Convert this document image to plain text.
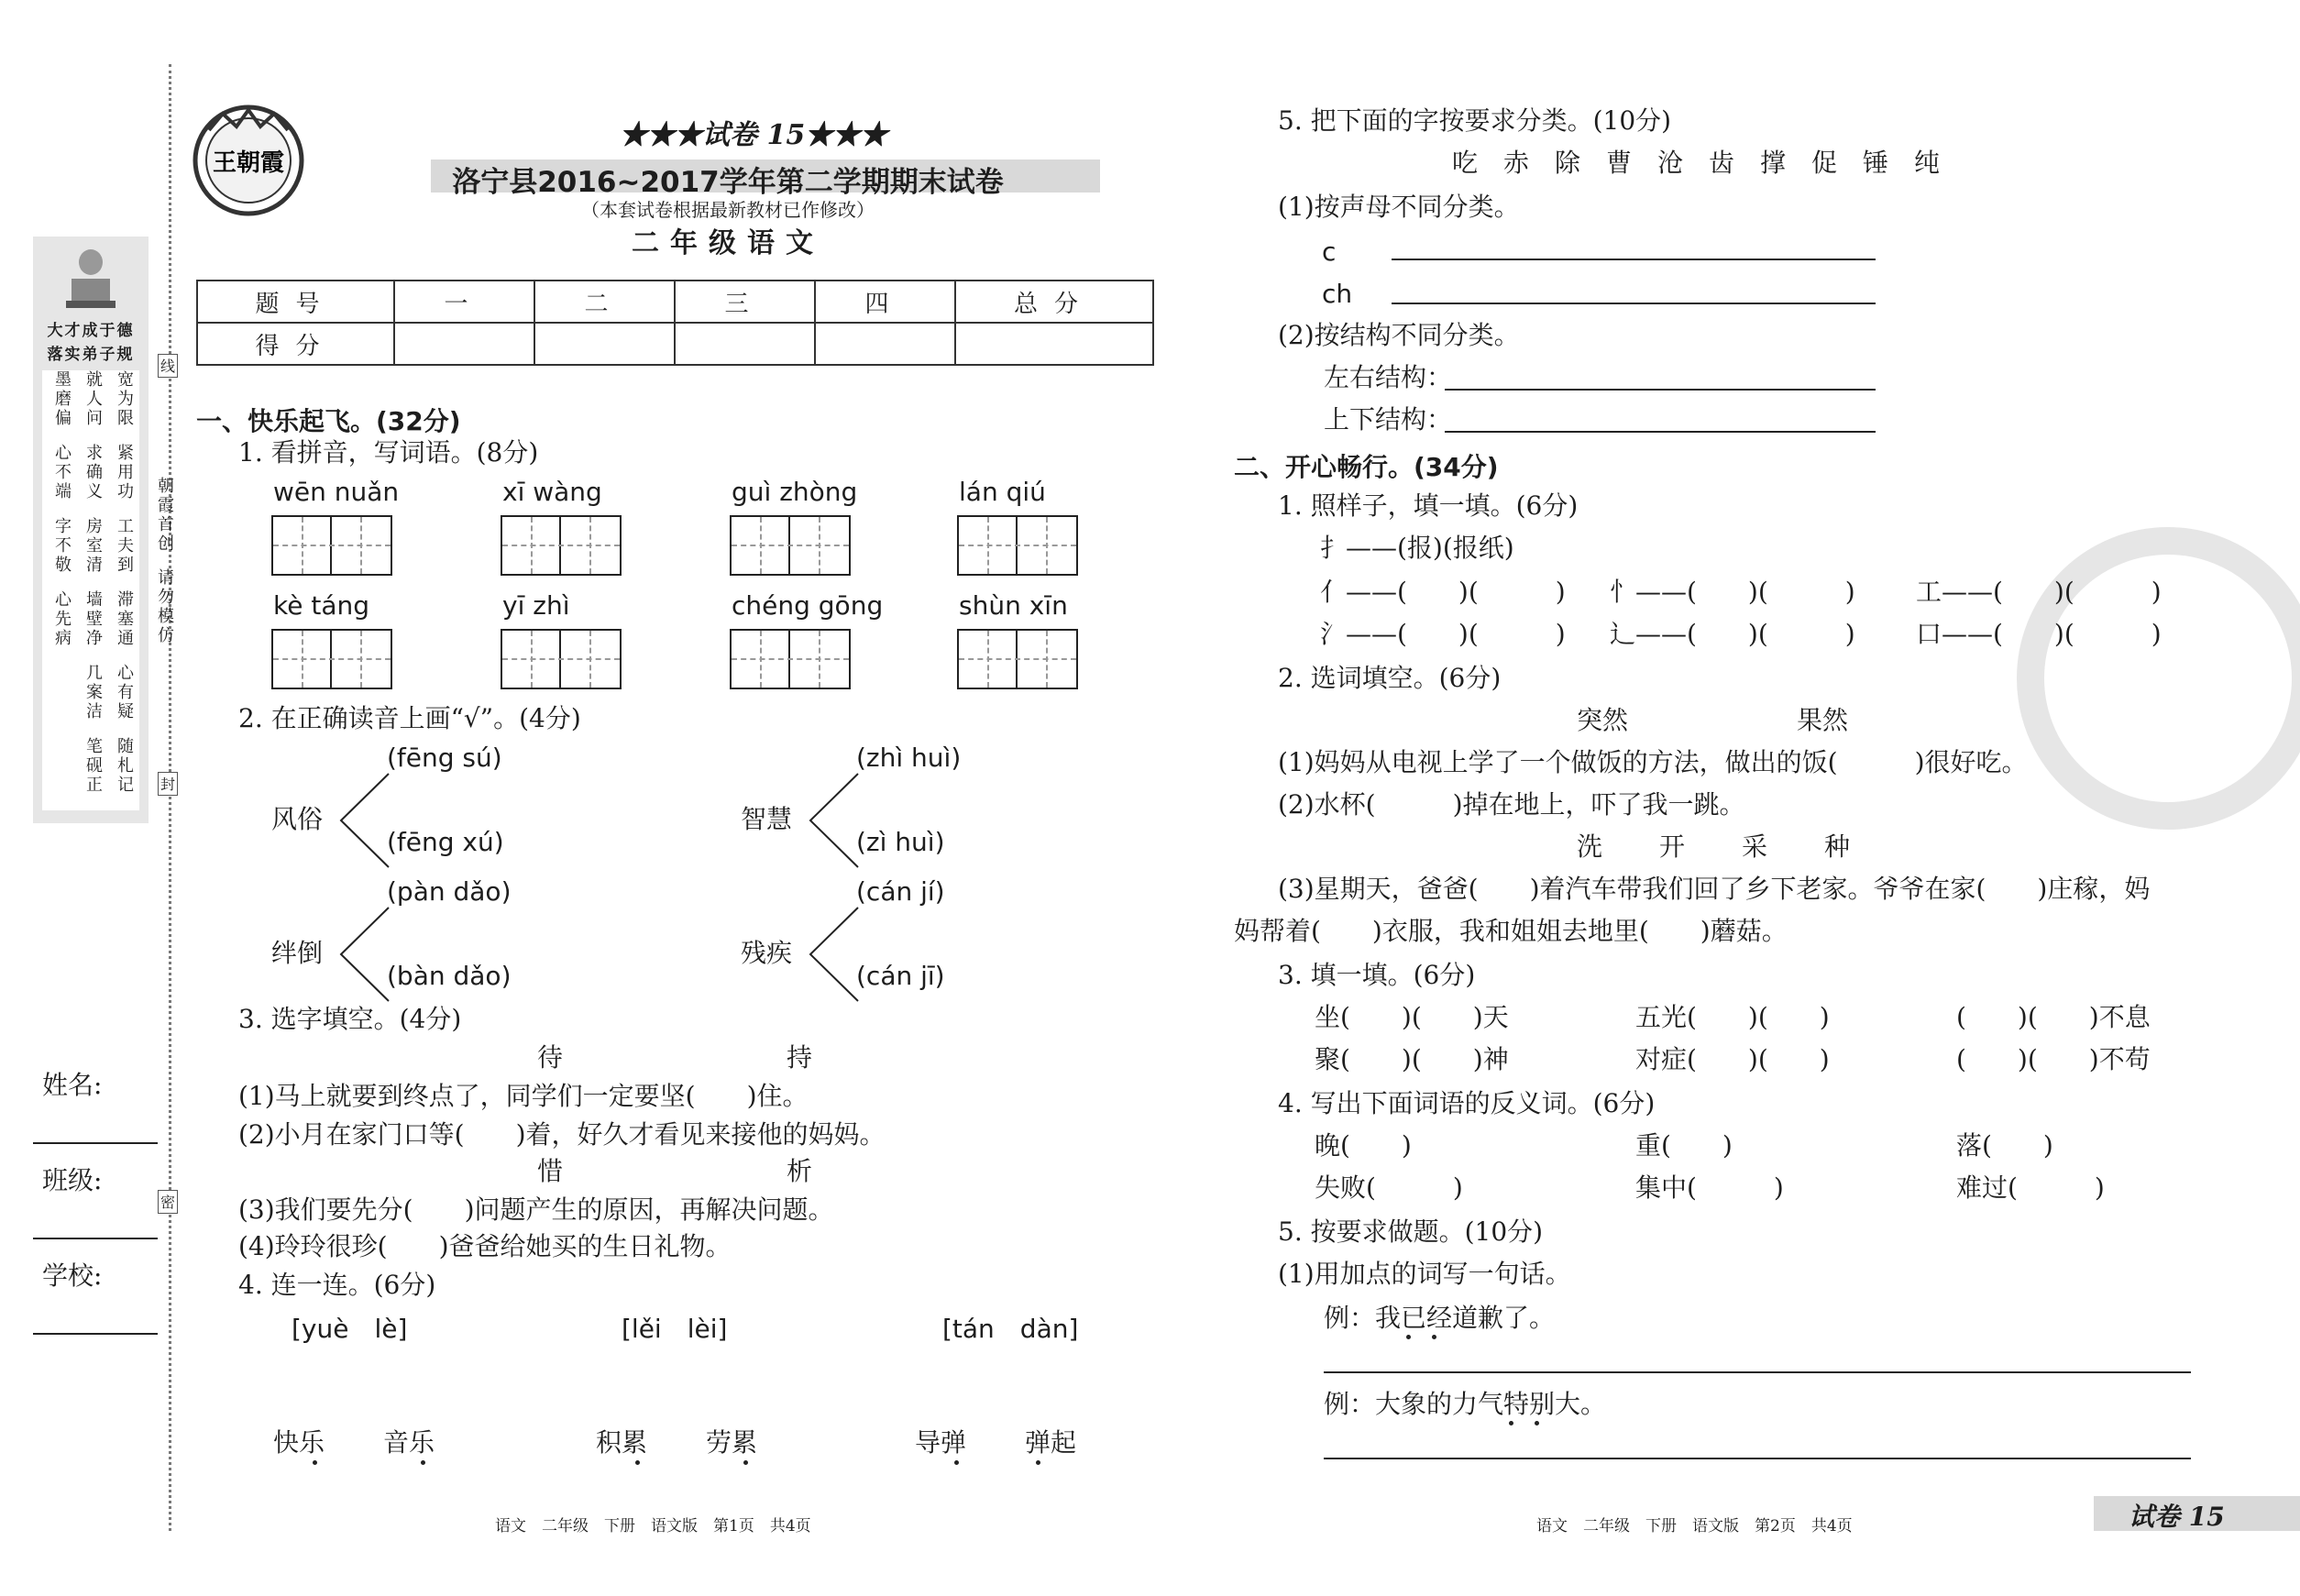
大才成于德
落实弟子规
墨磨偏 就人问 宽为限
心不端 求确义 紧用功
字不敬 房室清 工夫到
心先病 墙壁净 滞塞通
几案洁 心有疑
笔砚正 随札记
朝霞首创
请勿模仿
线
封
密
姓名:
班级:
学校:
王朝霞
★★★试卷 15★★★
洛宁县2016~2017学年第二学期期末试卷
（本套试卷根据最新教材已作修改）
二年级语文
题号	一	二	三	四	总分
得分					
一、快乐起飞。(32分)
1. 看拼音，写词语。(8分)
wēn nuǎn	xī wàng	guì zhòng	lán qiú
kè táng	yī zhì	chéng gōng	shùn xīn
2. 在正确读音上画“√”。(4分)
风俗
(fēng sú)
(fēng xú)
智慧
(zhì huì)
(zì huì)
绊倒
(pàn dǎo)
(bàn dǎo)
残疾
(cán jí)
(cán jī)
3. 选字填空。(4分)
待	持
(1)马上就要到终点了，同学们一定要坚(　　)住。
(2)小月在家门口等(　　)着，好久才看见来接他的妈妈。
惜	析
(3)我们要先分(　　)问题产生的原因，再解决问题。
(4)玲玲很珍(　　)爸爸给她买的生日礼物。
4. 连一连。(6分)
[yuè　lè]	[lěi　lèi]	[tán　dàn]
快乐 音乐	积累 劳累	导弹 弹起
语文　二年级　下册　语文版　第1页　共4页
5. 把下面的字按要求分类。(10分)
吃　赤　除　曹　沧　齿　撑　促　锤　纯
(1)按声母不同分类。
c
ch
(2)按结构不同分类。
左右结构：
上下结构：
二、开心畅行。(34分)
1. 照样子，填一填。(6分)
扌——(报)(报纸)
亻——(　　)(　　　) 忄——(　　)(　　　) 工——(　　)(　　　)
氵——(　　)(　　　) 辶——(　　)(　　　) 口——(　　)(　　　)
2. 选词填空。(6分)
突然	果然
(1)妈妈从电视上学了一个做饭的方法，做出的饭(　　　)很好吃。
(2)水杯(　　　)掉在地上，吓了我一跳。
洗 开 采 种
(3)星期天，爸爸(　　)着汽车带我们回了乡下老家。爷爷在家(　　)庄稼，妈
妈帮着(　　)衣服，我和姐姐去地里(　　)蘑菇。
3. 填一填。(6分)
坐(　　)(　　)天	五光(　　)(　　)	(　　)(　　)不息
聚(　　)(　　)神	对症(　　)(　　)	(　　)(　　)不苟
4. 写出下面词语的反义词。(6分)
晚(　　)	重(　　)	落(　　)
失败(　　　)	集中(　　　)	难过(　　　)
5. 按要求做题。(10分)
(1)用加点的词写一句话。
例：我已经道歉了。
例：大象的力气特别大。
语文　二年级　下册　语文版　第2页　共4页	试卷 15
